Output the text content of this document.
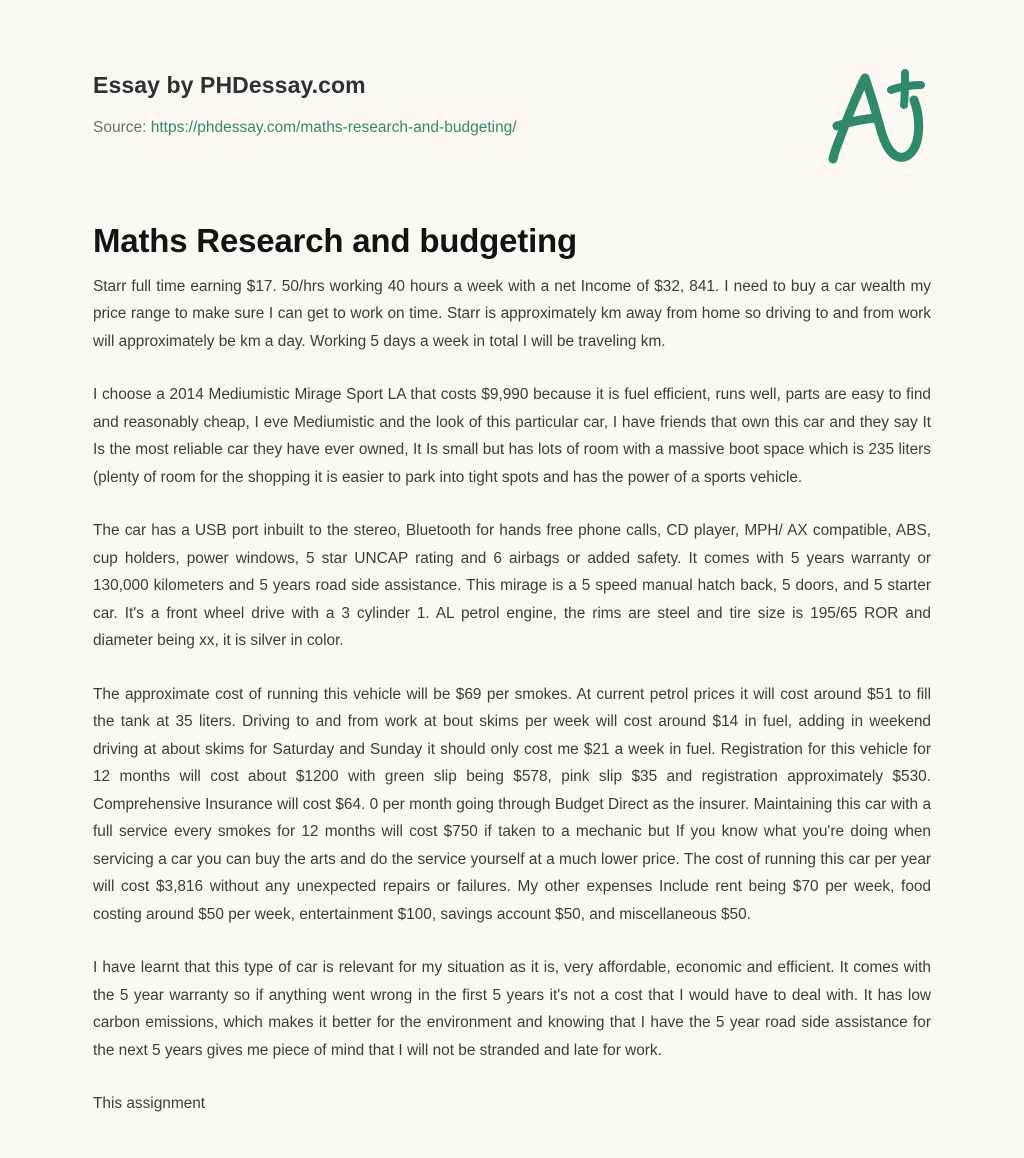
Essay by PHDessay.com
Source: https://phdessay.com/maths-research-and-budgeting/
Maths Research and budgeting

Starr full time earning $17. 50/hrs working 40 hours a week with a net Income of $32, 841. I need to buy a car wealth my price range to make sure I can get to work on time. Starr is approximately km away from home so driving to and from work will approximately be km a day. Working 5 days a week in total I will be traveling km.

I choose a 2014 Mediumistic Mirage Sport LA that costs $9,990 because it is fuel efficient, runs well, parts are easy to find and reasonably cheap, I eve Mediumistic and the look of this particular car, I have friends that own this car and they say It Is the most reliable car they have ever owned, It Is small but has lots of room with a massive boot space which is 235 liters (plenty of room for the shopping it is easier to park into tight spots and has the power of a sports vehicle.

The car has a USB port inbuilt to the stereo, Bluetooth for hands free phone calls, CD player, MPH/ AX compatible, ABS, cup holders, power windows, 5 star UNCAP rating and 6 airbags or added safety. It comes with 5 years warranty or 130,000 kilometers and 5 years road side assistance. This mirage is a 5 speed manual hatch back, 5 doors, and 5 starter car. It's a front wheel drive with a 3 cylinder 1. AL petrol engine, the rims are steel and tire size is 195/65 ROR and diameter being xx, it is silver in color.

The approximate cost of running this vehicle will be $69 per smokes. At current petrol prices it will cost around $51 to fill the tank at 35 liters. Driving to and from work at bout skims per week will cost around $14 in fuel, adding in weekend driving at about skims for Saturday and Sunday it should only cost me $21 a week in fuel. Registration for this vehicle for 12 months will cost about $1200 with green slip being $578, pink slip $35 and registration approximately $530. Comprehensive Insurance will cost $64. 0 per month going through Budget Direct as the insurer. Maintaining this car with a full service every smokes for 12 months will cost $750 if taken to a mechanic but If you know what you're doing when servicing a car you can buy the arts and do the service yourself at a much lower price. The cost of running this car per year will cost $3,816 without any unexpected repairs or failures. My other expenses Include rent being $70 per week, food costing around $50 per week, entertainment $100, savings account $50, and miscellaneous $50.

I have learnt that this type of car is relevant for my situation as it is, very affordable, economic and efficient. It comes with the 5 year warranty so if anything went wrong in the first 5 years it's not a cost that I would have to deal with. It has low carbon emissions, which makes it better for the environment and knowing that I have the 5 year road side assistance for the next 5 years gives me piece of mind that I will not be stranded and late for work.

This assignment
